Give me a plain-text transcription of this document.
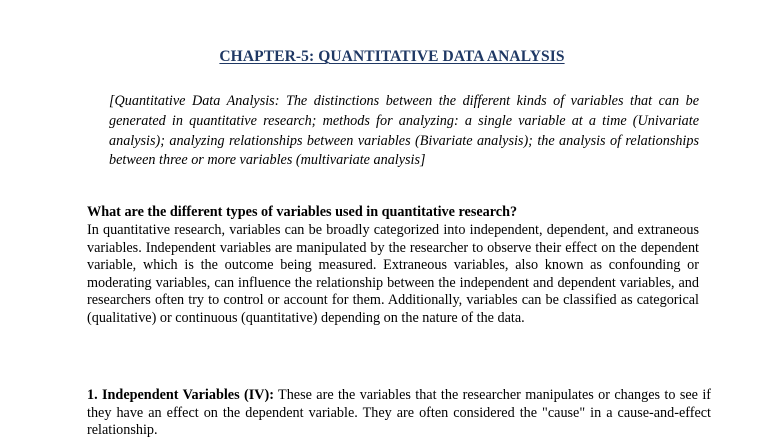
CHAPTER-5: QUANTITATIVE DATA ANALYSIS

[Quantitative Data Analysis: The distinctions between the different kinds of variables that can be generated in quantitative research; methods for analyzing: a single variable at a time (Univariate analysis); analyzing relationships between variables (Bivariate analysis); the analysis of relationships between three or more variables (multivariate analysis]

What are the different types of variables used in quantitative research?

In quantitative research, variables can be broadly categorized into independent, dependent, and extraneous variables. Independent variables are manipulated by the researcher to observe their effect on the dependent variable, which is the outcome being measured. Extraneous variables, also known as confounding or moderating variables, can influence the relationship between the independent and dependent variables, and researchers often try to control or account for them. Additionally, variables can be classified as categorical (qualitative) or continuous (quantitative) depending on the nature of the data.

1. Independent Variables (IV): These are the variables that the researcher manipulates or changes to see if they have an effect on the dependent variable. They are often considered the "cause" in a cause-and-effect relationship.
